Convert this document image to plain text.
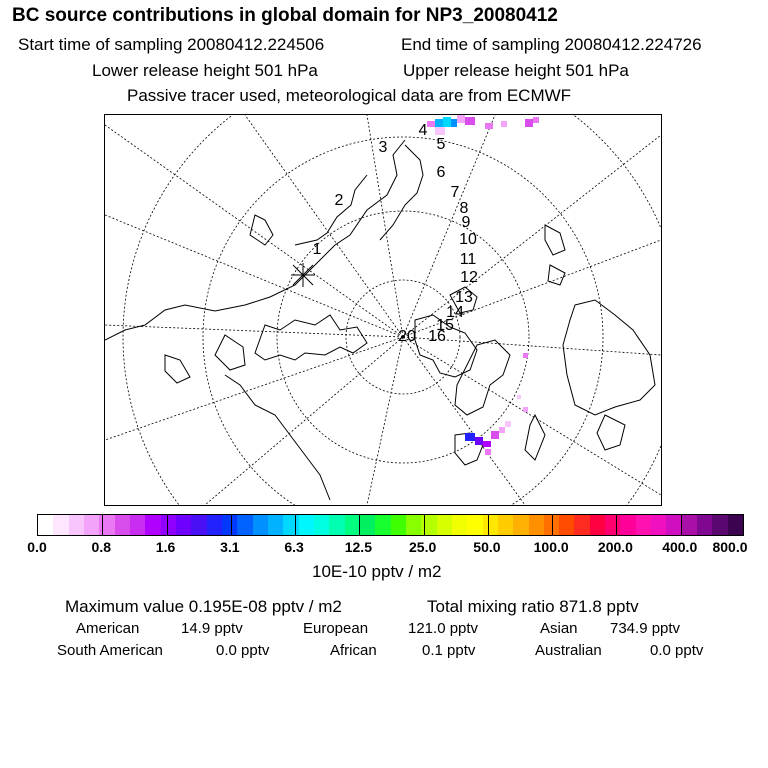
BC source contributions in global domain for NP3_20080412
Start time of sampling 20080412.224506	End time of sampling 20080412.224726
Lower release height 501 hPa	Upper release height 501 hPa
Passive tracer used, meteorological data are from ECMWF
1
2
3
4
5
6
7
8
9
10
11
12
13
14
15
16
20
0.0	0.8	1.6	3.1	6.3	12.5	25.0	50.0 100.0 200.0 400.0 800.0
10E-10 pptv / m2
Maximum value 0.195E-08 pptv / m2	Total mixing ratio 871.8 pptv
American	14.9 pptv	European	121.0 pptv	Asian 734.9 pptv
South American	0.0 pptv	African	0.1 pptv	Australian	0.0 pptv
